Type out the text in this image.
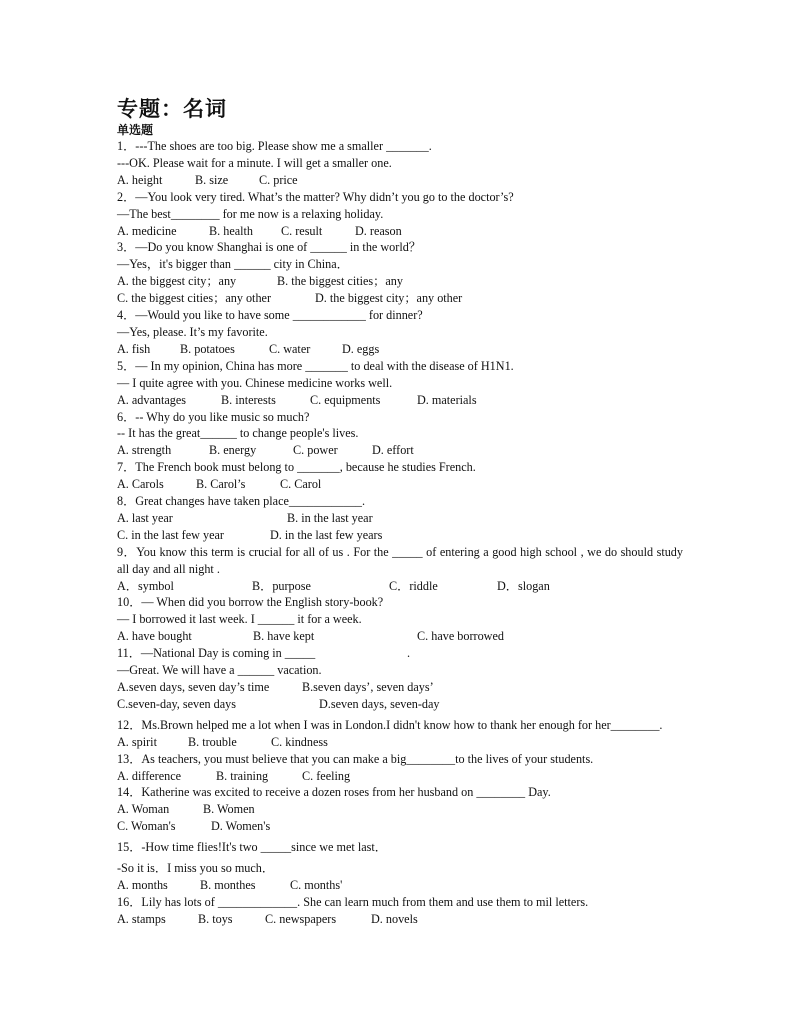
专题：名词
单选题
1．---The shoes are too big. Please show me a smaller _______.
---OK. Please wait for a minute. I will get a smaller one.
A. height	B. size	C. price
2．—You look very tired. What’s the matter? Why didn’t you go to the doctor’s?
—The best________ for me now is a relaxing holiday.
A. medicine	B. health C. result	D. reason
3．—Do you know Shanghai is one of ______ in the world？
—Yes，it's bigger than ______ city in China．
A. the biggest city；any	B. the biggest cities；any
C. the biggest cities；any other	D. the biggest city；any other
4．—Would you like to have some ____________ for dinner?
—Yes, please. It’s my favorite.
A. fish B. potatoes	C. water	D. eggs
5．— In my opinion, China has more _______ to deal with the disease of H1N1.
— I quite agree with you. Chinese medicine works well.
A. advantages	B. interests	C. equipments	D. materials
6．-- Why do you like music so much?
-- It has the great______ to change people's lives.
A. strength	B. energy	C. power	D. effort
7．The French book must belong to _______, because he studies French.
A. Carols	B. Carol’s	C. Carol
8．Great changes have taken place____________.
A. last year	B. in the last year
C. in the last few year	D. in the last few years
9．You know this term is crucial for all of us . For the _____ of entering a good high school , we do should study all day and all night .
A．symbol	B．purpose	C．riddle	D．slogan
10．— When did you borrow the English story-book?
— I borrowed it last week. I ______ it for a week.
A. have bought	B. have kept	C. have borrowed
11．—National Day is coming in _____	.
—Great. We will have a ______ vacation.
A.seven days, seven day’s time	B.seven days’, seven days’
C.seven-day, seven days	D.seven days, seven-day
12．Ms.Brown helped me a lot when I was in London.I didn't know how to thank her enough for her________.
A. spirit	B. trouble	C. kindness
13．As teachers, you must believe that you can make a big________to the lives of your students.
A. difference	B. training	C. feeling
14．Katherine was excited to receive a dozen roses from her husband on ________ Day.
A. Woman	B. Women
C. Woman's	D. Women's
15．-How time flies!It's two _____since we met last．
-So it is．I miss you so much．
A. months	B. monthes	C. months'
16．Lily has lots of _____________. She can learn much from them and use them to mil letters.
A. stamps	B. toys	C. newspapers	D. novels
